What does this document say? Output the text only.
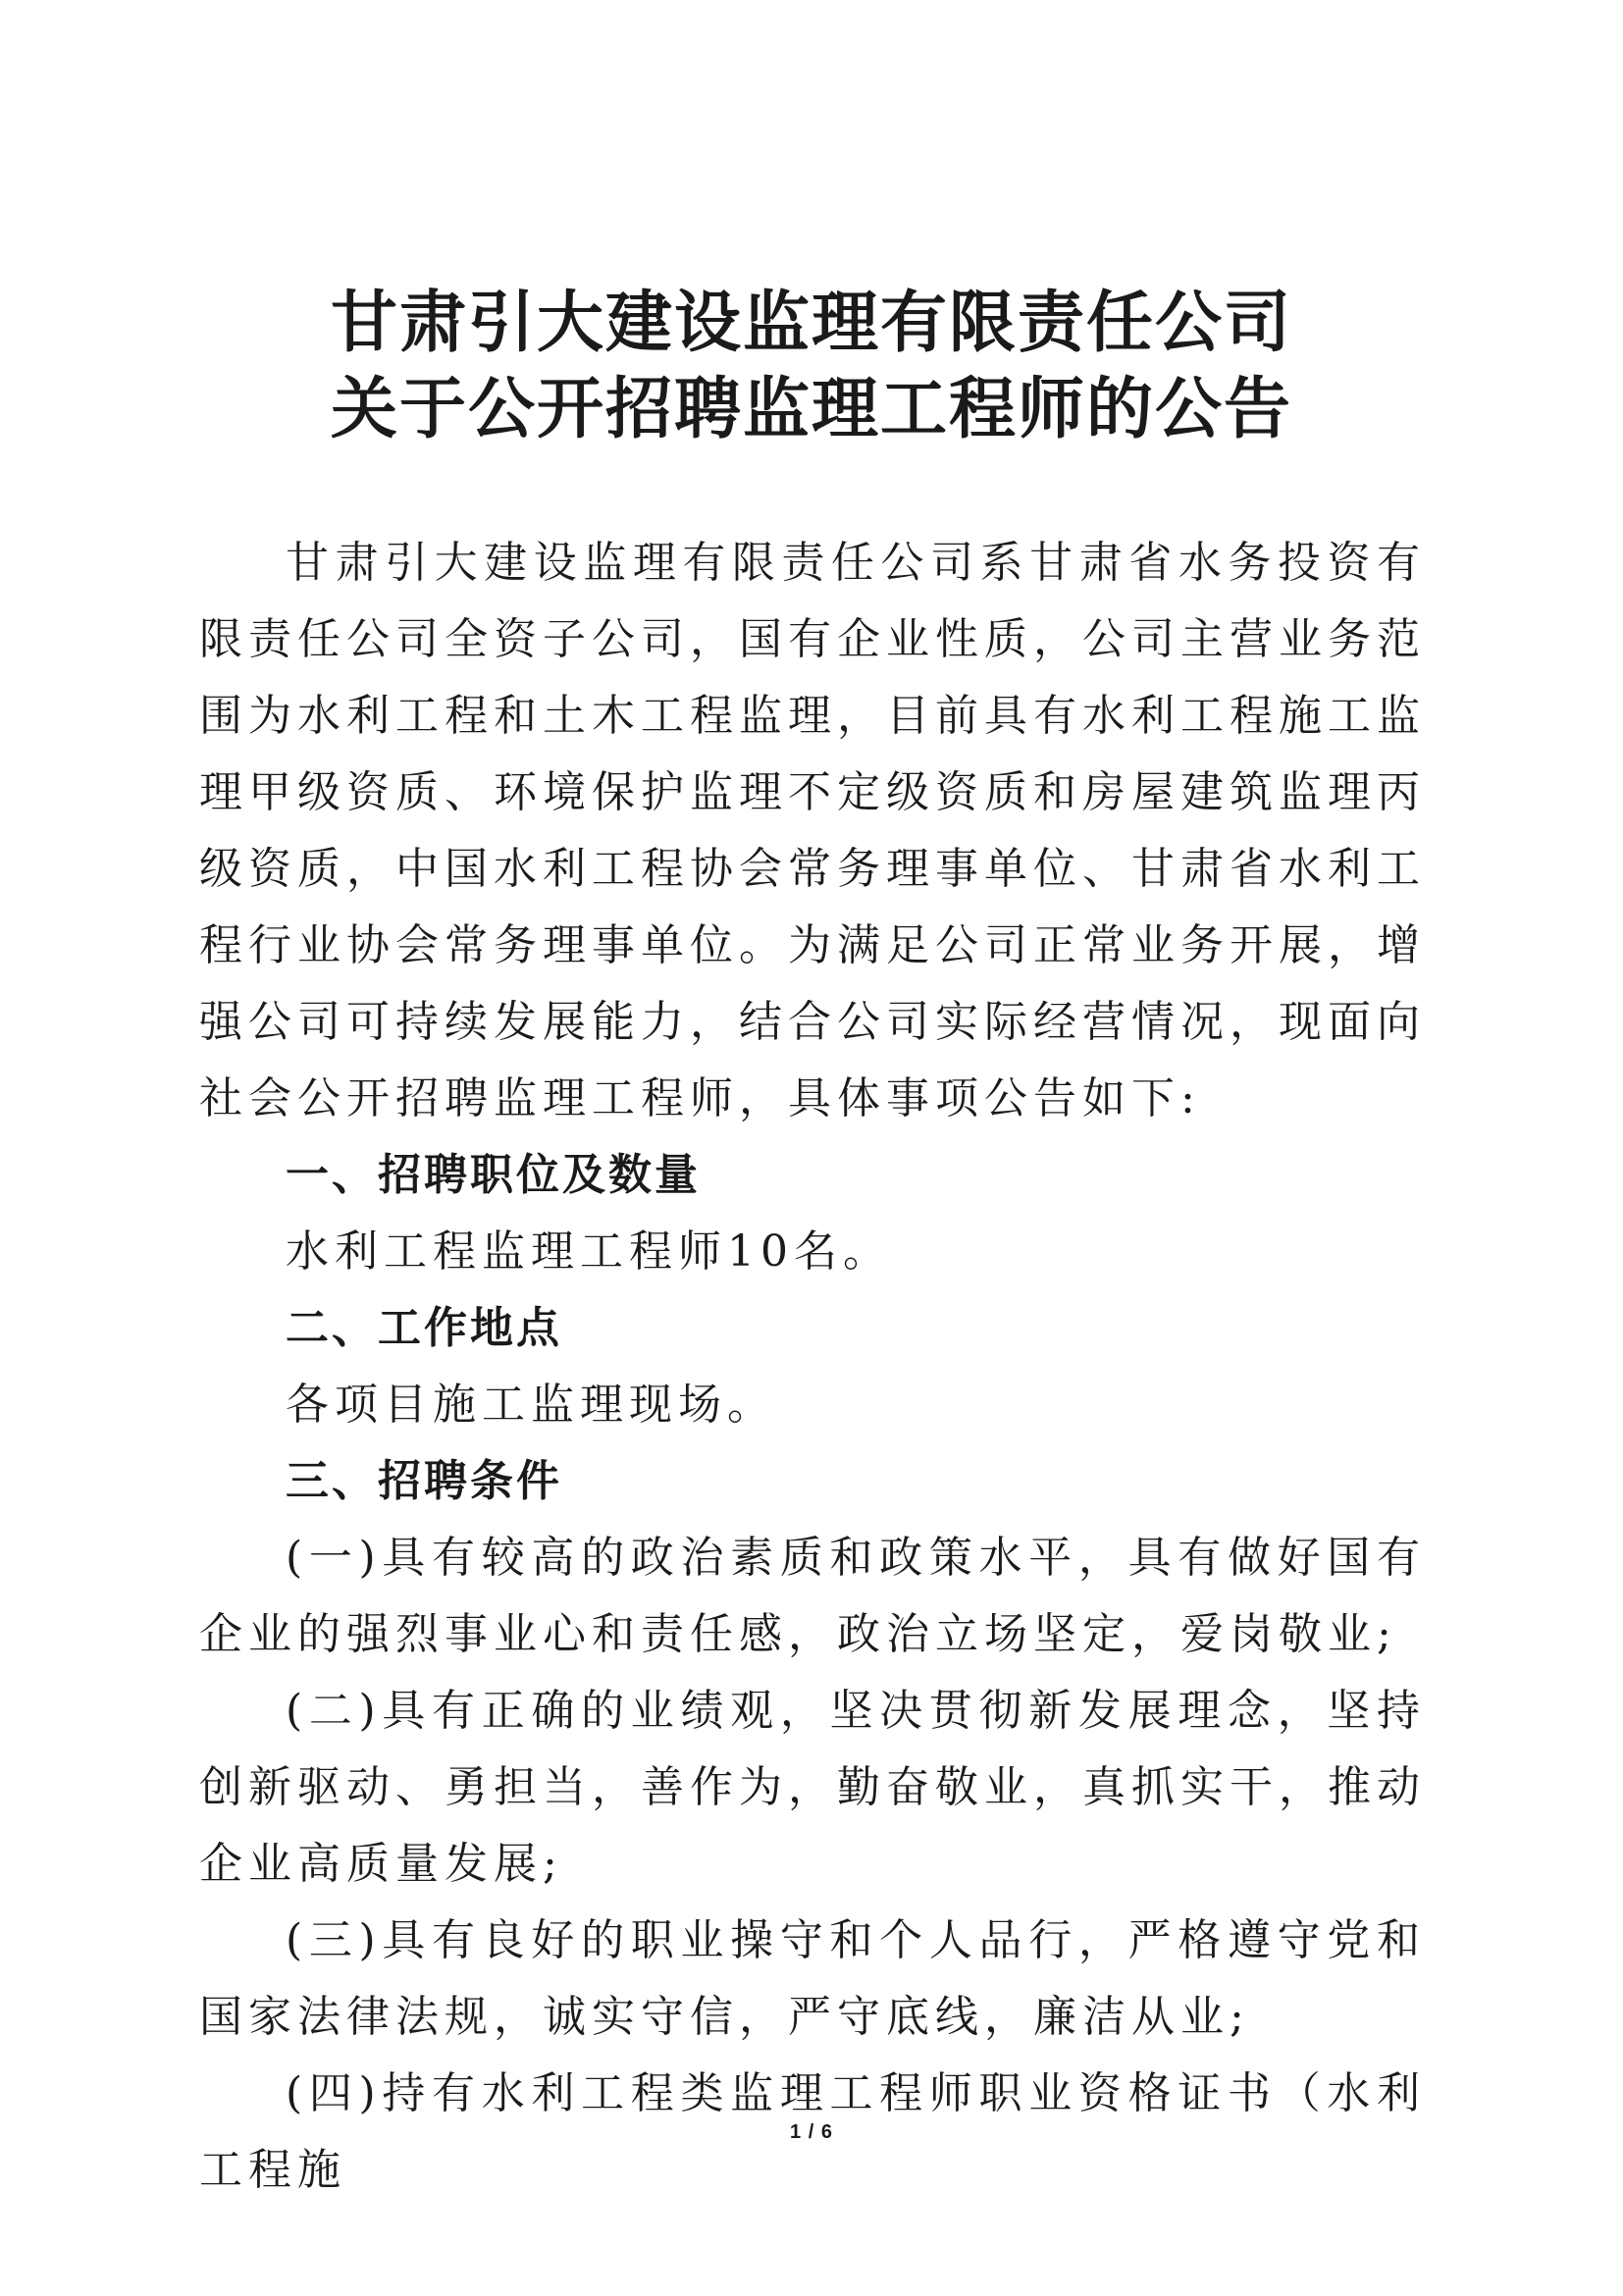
甘肃引大建设监理有限责任公司
关于公开招聘监理工程师的公告

甘肃引大建设监理有限责任公司系甘肃省水务投资有限责任公司全资子公司，国有企业性质，公司主营业务范围为水利工程和土木工程监理，目前具有水利工程施工监理甲级资质、环境保护监理不定级资质和房屋建筑监理丙级资质，中国水利工程协会常务理事单位、甘肃省水利工程行业协会常务理事单位。为满足公司正常业务开展，增强公司可持续发展能力，结合公司实际经营情况，现面向社会公开招聘监理工程师，具体事项公告如下:

一、招聘职位及数量

水利工程监理工程师10名。

二、工作地点

各项目施工监理现场。

三、招聘条件

(一)具有较高的政治素质和政策水平，具有做好国有企业的强烈事业心和责任感，政治立场坚定，爱岗敬业;

(二)具有正确的业绩观，坚决贯彻新发展理念，坚持创新驱动、勇担当，善作为，勤奋敬业，真抓实干，推动企业高质量发展;

(三)具有良好的职业操守和个人品行，严格遵守党和国家法律法规，诚实守信，严守底线，廉洁从业;

(四)持有水利工程类监理工程师职业资格证书（水利工程施

1 / 6
